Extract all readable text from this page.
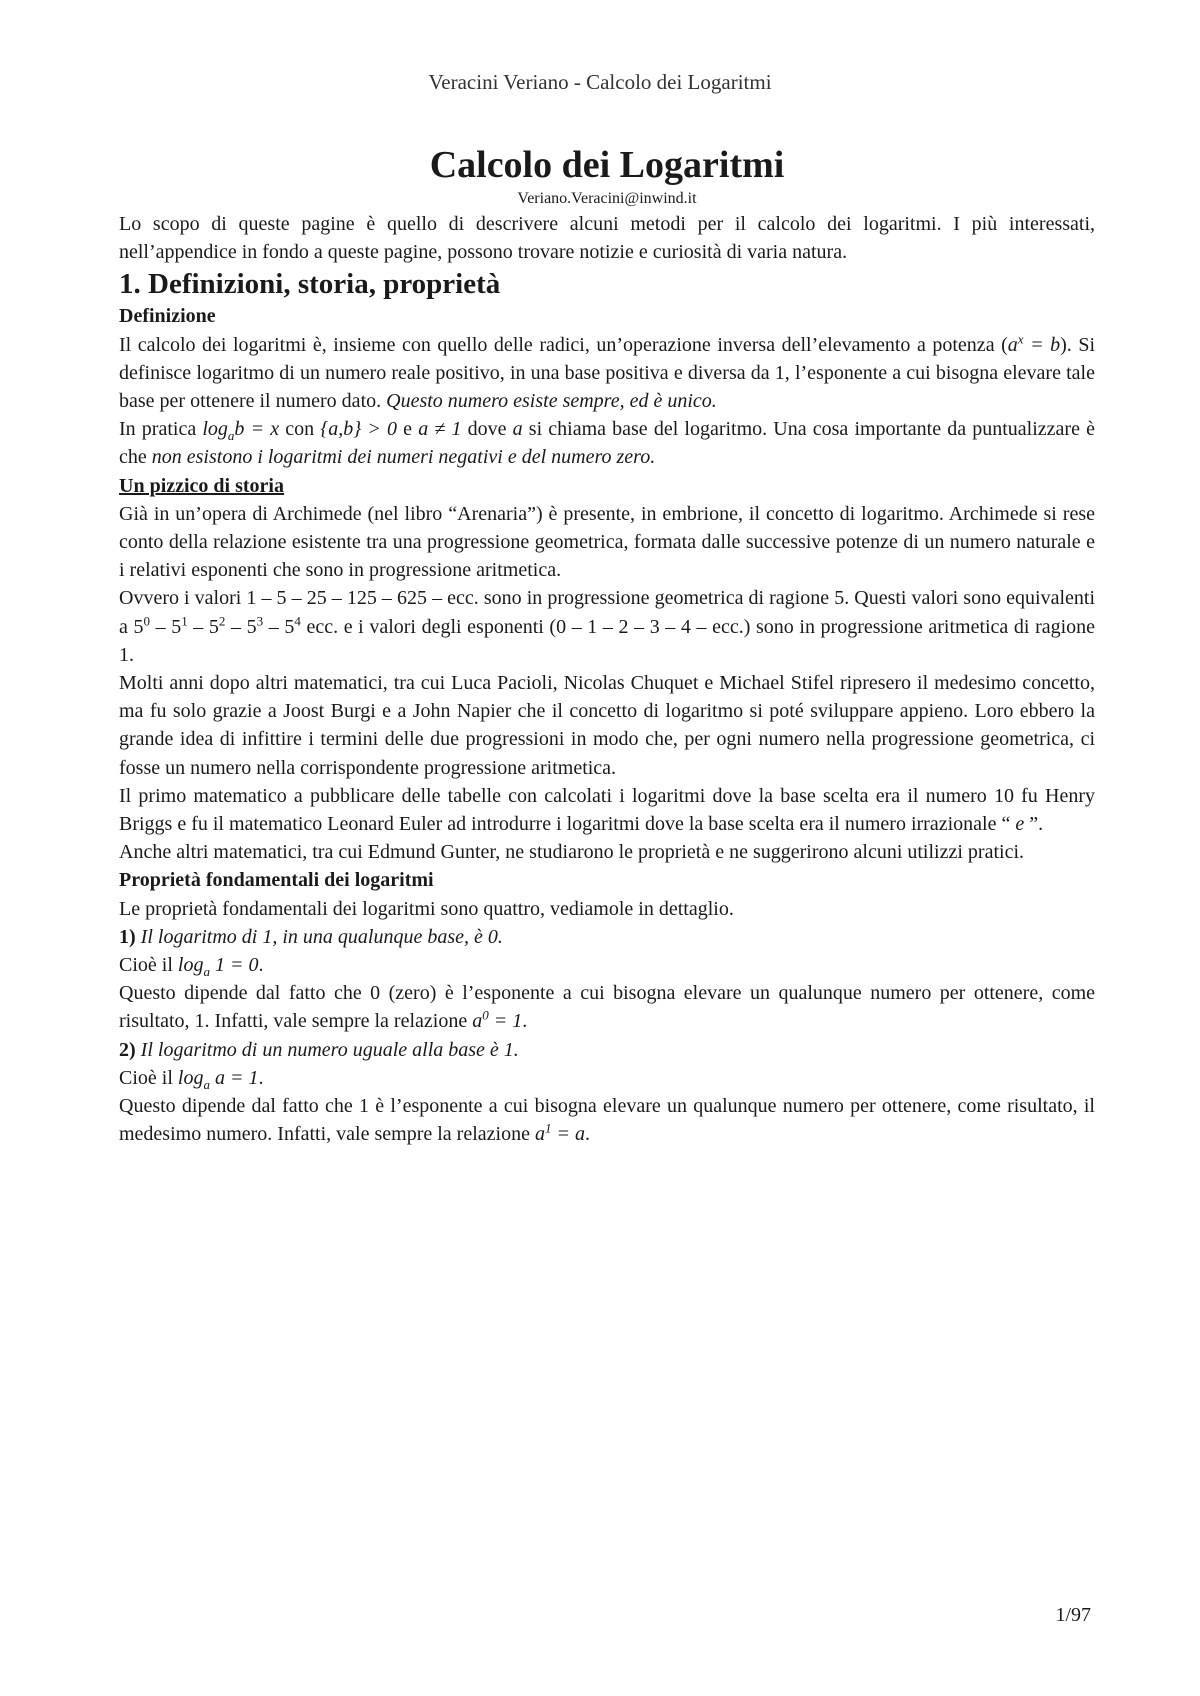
Veracini Veriano - Calcolo dei Logaritmi

Calcolo dei Logaritmi

Veriano.Veracini@inwind.it

Lo scopo di queste pagine è quello di descrivere alcuni metodi per il calcolo dei logaritmi. I più interessati, nell’appendice in fondo a queste pagine, possono trovare notizie e curiosità di varia natura.

1. Definizioni, storia, proprietà

Definizione

Il calcolo dei logaritmi è, insieme con quello delle radici, un’operazione inversa dell’elevamento a potenza $(a^x = b)$. Si definisce logaritmo di un numero reale positivo, in una base positiva e diversa da 1, l’esponente a cui bisogna elevare tale base per ottenere il numero dato. Questo numero esiste sempre, ed è unico.

In pratica $\log_ab = x$ con {a,b} > 0 e a ≠ 1 dove a si chiama base del logaritmo. Una cosa importante da puntualizzare è che non esistono i logaritmi dei numeri negativi e del numero zero.

Un pizzico di storia

Già in un’opera di Archimede (nel libro “Arenaria”) è presente, in embrione, il concetto di logaritmo. Archimede si rese conto della relazione esistente tra una progressione geometrica, formata dalle successive potenze di un numero naturale e i relativi esponenti che sono in progressione aritmetica.

Ovvero i valori 1 – 5 – 25 – 125 – 625 – ecc. sono in progressione geometrica di ragione 5. Questi valori sono equivalenti a $5^0 - 5^1 - 5^2 - 5^3 - 5^4$ ecc. e i valori degli esponenti (0 – 1 – 2 – 3 – 4 – ecc.) sono in progressione aritmetica di ragione 1.

Molti anni dopo altri matematici, tra cui Luca Pacioli, Nicolas Chuquet e Michael Stifel ripresero il medesimo concetto, ma fu solo grazie a Joost Burgi e a John Napier che il concetto di logaritmo si poté sviluppare appieno. Loro ebbero la grande idea di infittire i termini delle due progressioni in modo che, per ogni numero nella progressione geometrica, ci fosse un numero nella corrispondente progressione aritmetica.

Il primo matematico a pubblicare delle tabelle con calcolati i logaritmi dove la base scelta era il numero 10 fu Henry Briggs e fu il matematico Leonard Euler ad introdurre i logaritmi dove la base scelta era il numero irrazionale “ e ”.

Anche altri matematici, tra cui Edmund Gunter, ne studiarono le proprietà e ne suggerirono alcuni utilizzi pratici.

Proprietà fondamentali dei logaritmi

Le proprietà fondamentali dei logaritmi sono quattro, vediamole in dettaglio.

1) Il logaritmo di 1, in una qualunque base, è 0.

Cioè il $\log_a 1 = 0$.

Questo dipende dal fatto che 0 (zero) è l’esponente a cui bisogna elevare un qualunque numero per ottenere, come risultato, 1. Infatti, vale sempre la relazione $a^0 = 1$.

2) Il logaritmo di un numero uguale alla base è 1.

Cioè il $\log_a a = 1$.

Questo dipende dal fatto che 1 è l’esponente a cui bisogna elevare un qualunque numero per ottenere, come risultato, il medesimo numero. Infatti, vale sempre la relazione $a^1 = a$.

1/97
